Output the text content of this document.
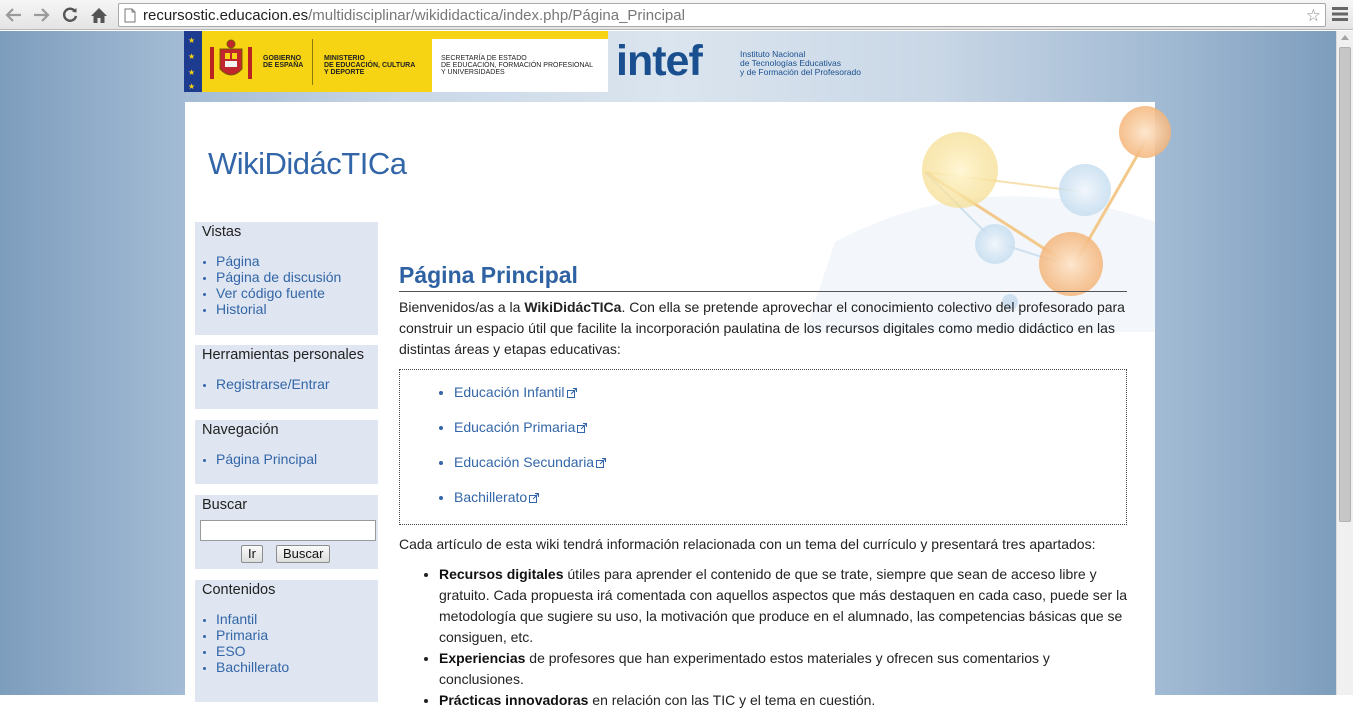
recursostic.educacion.es/multidisciplinar/wikididactica/index.php/Página_Principal	☆
★
★
★
★
GOBIERNO
DE ESPAÑA
MINISTERIO
DE EDUCACIÓN, CULTURA
Y DEPORTE
SECRETARÍA DE ESTADO
DE EDUCACIÓN, FORMACIÓN PROFESIONAL
Y UNIVERSIDADES	intef	Instituto Nacional
de Tecnologías Educativas
y de Formación del Profesorado
WikiDidácTICa
Vistas
• Página
• Página de discusión
• Ver código fuente
• Historial
Herramientas personales
• Registrarse/Entrar
Navegación
• Página Principal
Buscar
Ir	Buscar
Contenidos
• Infantil
• Primaria
• ESO
• Bachillerato
Página Principal

Bienvenidos/as a la WikiDidácTICa. Con ella se pretende aprovechar el conocimiento colectivo del profesorado para construir un espacio útil que facilite la incorporación paulatina de los recursos digitales como medio didáctico en las distintas áreas y etapas educativas:

• Educación Infantil
• Educación Primaria
• Educación Secundaria
• Bachillerato

Cada artículo de esta wiki tendrá información relacionada con un tema del currículo y presentará tres apartados:

• Recursos digitales útiles para aprender el contenido de que se trate, siempre que sean de acceso libre y gratuito. Cada propuesta irá comentada con aquellos aspectos que más destaquen en cada caso, puede ser la metodología que sugiere su uso, la motivación que produce en el alumnado, las competencias básicas que se consiguen, etc.
• Experiencias de profesores que han experimentado estos materiales y ofrecen sus comentarios y conclusiones.
• Prácticas innovadoras en relación con las TIC y el tema en cuestión.
